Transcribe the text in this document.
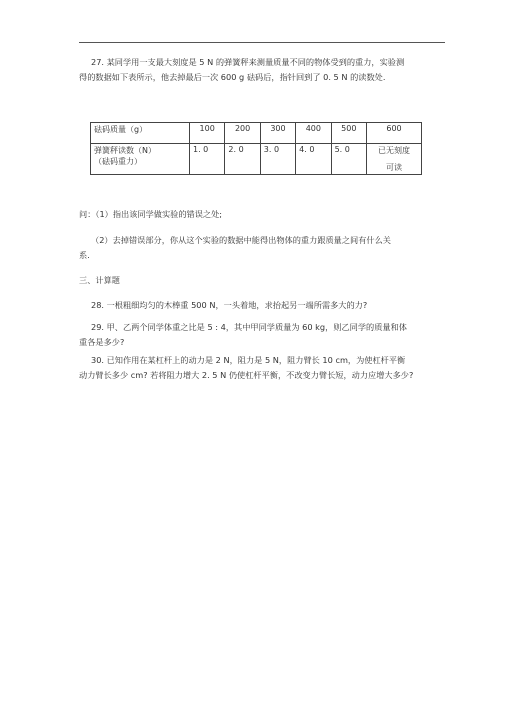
27. 某同学用一支最大刻度是 5 N 的弹簧秤来测量质量不同的物体受到的重力，实验测
得的数据如下表所示，他去掉最后一次 600 g 砝码后，指针回到了 0. 5 N 的读数处.
砝码质量（g）	100	200	300	400	500	600

弹簧秤读数（N）
（砝码重力）	1. 0	2. 0	3. 0	4. 0	5. 0	已无刻度
可读
问：（1）指出该同学做实验的错误之处;
（2）去掉错误部分，你从这个实验的数据中能得出物体的重力跟质量之间有什么关
系.
三、计算题
28. 一根粗细均匀的木棒重 500 N，一头着地，求抬起另一端所需多大的力?
29. 甲、乙两个同学体重之比是 5 : 4，其中甲同学质量为 60 kg，则乙同学的质量和体
重各是多少?
30. 已知作用在某杠杆上的动力是 2 N，阻力是 5 N，阻力臂长 10 cm，为使杠杆平衡
动力臂长多少 cm? 若将阻力增大 2. 5 N 仍使杠杆平衡，不改变力臂长短，动力应增大多少?
